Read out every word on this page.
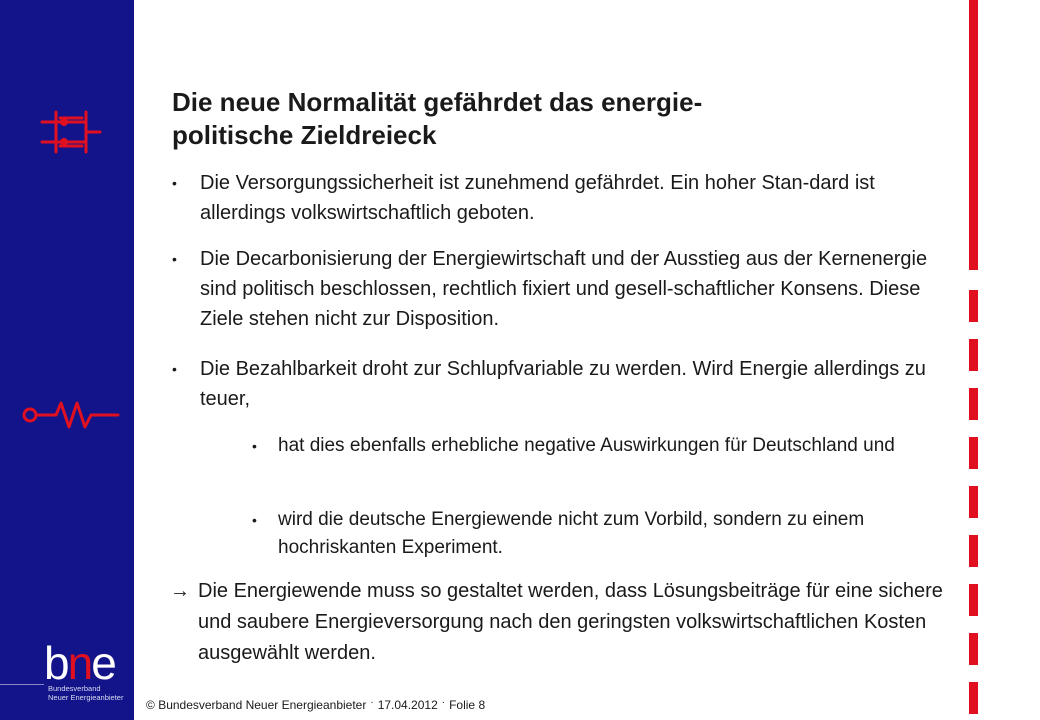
bne
Bundesverband
Neuer Energieanbieter
Die neue Normalität gefährdet das energie-
politische Zieldreieck
• Die Versorgungssicherheit ist zunehmend gefährdet. Ein hoher Stan-dard ist allerdings volkswirtschaftlich geboten.
• Die Decarbonisierung der Energiewirtschaft und der Ausstieg aus der Kernenergie sind politisch beschlossen, rechtlich fixiert und gesell-schaftlicher Konsens. Diese Ziele stehen nicht zur Disposition.
• Die Bezahlbarkeit droht zur Schlupfvariable zu werden. Wird Energie allerdings zu teuer,
• hat dies ebenfalls erhebliche negative Auswirkungen für Deutschland und
• wird die deutsche Energiewende nicht zum Vorbild, sondern zu einem hochriskanten Experiment.
→ Die Energiewende muss so gestaltet werden, dass Lösungsbeiträge für eine sichere und saubere Energieversorgung nach den geringsten volkswirtschaftlichen Kosten ausgewählt werden.
© Bundesverband Neuer Energieanbieter · 17.04.2012 · Folie 8
